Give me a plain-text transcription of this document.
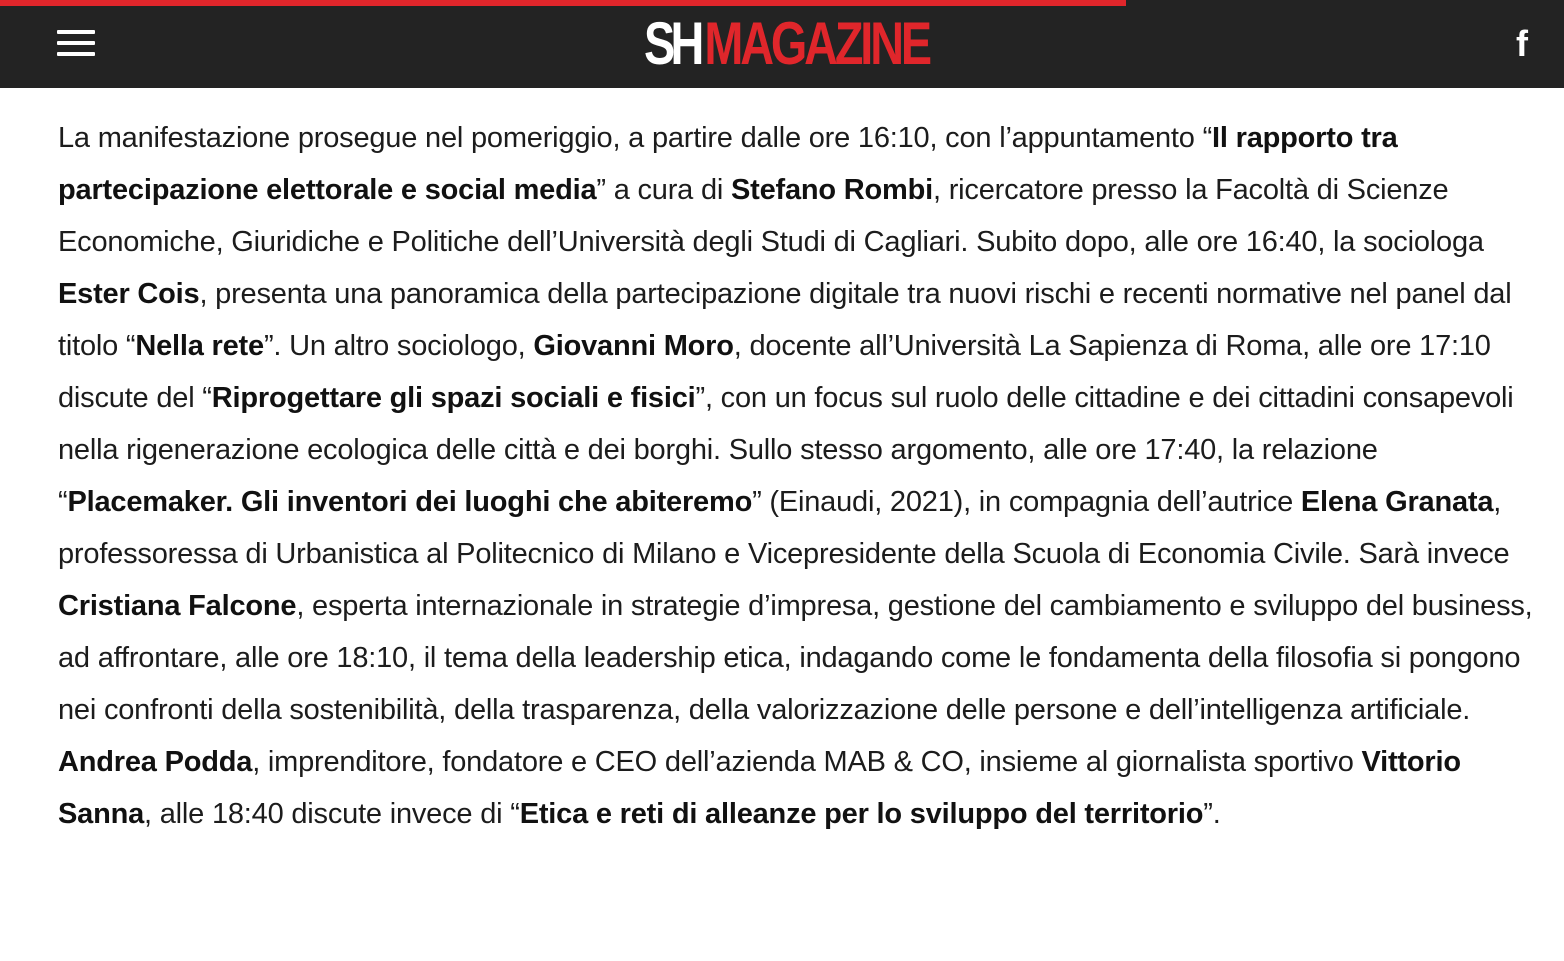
SHMAGAZINE	f

La manifestazione prosegue nel pomeriggio, a partire dalle ore 16:10, con l’appuntamento “Il rapporto tra partecipazione elettorale e social media” a cura di Stefano Rombi, ricercatore presso la Facoltà di Scienze Economiche, Giuridiche e Politiche dell’Università degli Studi di Cagliari. Subito dopo, alle ore 16:40, la sociologa Ester Cois, presenta una panoramica della partecipazione digitale tra nuovi rischi e recenti normative nel panel dal titolo “Nella rete”. Un altro sociologo, Giovanni Moro, docente all’Università La Sapienza di Roma, alle ore 17:10 discute del “Riprogettare gli spazi sociali e fisici”, con un focus sul ruolo delle cittadine e dei cittadini consapevoli nella rigenerazione ecologica delle città e dei borghi. Sullo stesso argomento, alle ore 17:40, la relazione “Placemaker. Gli inventori dei luoghi che abiteremo” (Einaudi, 2021), in compagnia dell’autrice Elena Granata, professoressa di Urbanistica al Politecnico di Milano e Vicepresidente della Scuola di Economia Civile. Sarà invece Cristiana Falcone, esperta internazionale in strategie d’impresa, gestione del cambiamento e sviluppo del business, ad affrontare, alle ore 18:10, il tema della leadership etica, indagando come le fondamenta della filosofia si pongono nei confronti della sostenibilità, della trasparenza, della valorizzazione delle persone e dell’intelligenza artificiale. Andrea Podda, imprenditore, fondatore e CEO dell’azienda MAB & CO, insieme al giornalista sportivo Vittorio Sanna, alle 18:40 discute invece di “Etica e reti di alleanze per lo sviluppo del territorio”.
